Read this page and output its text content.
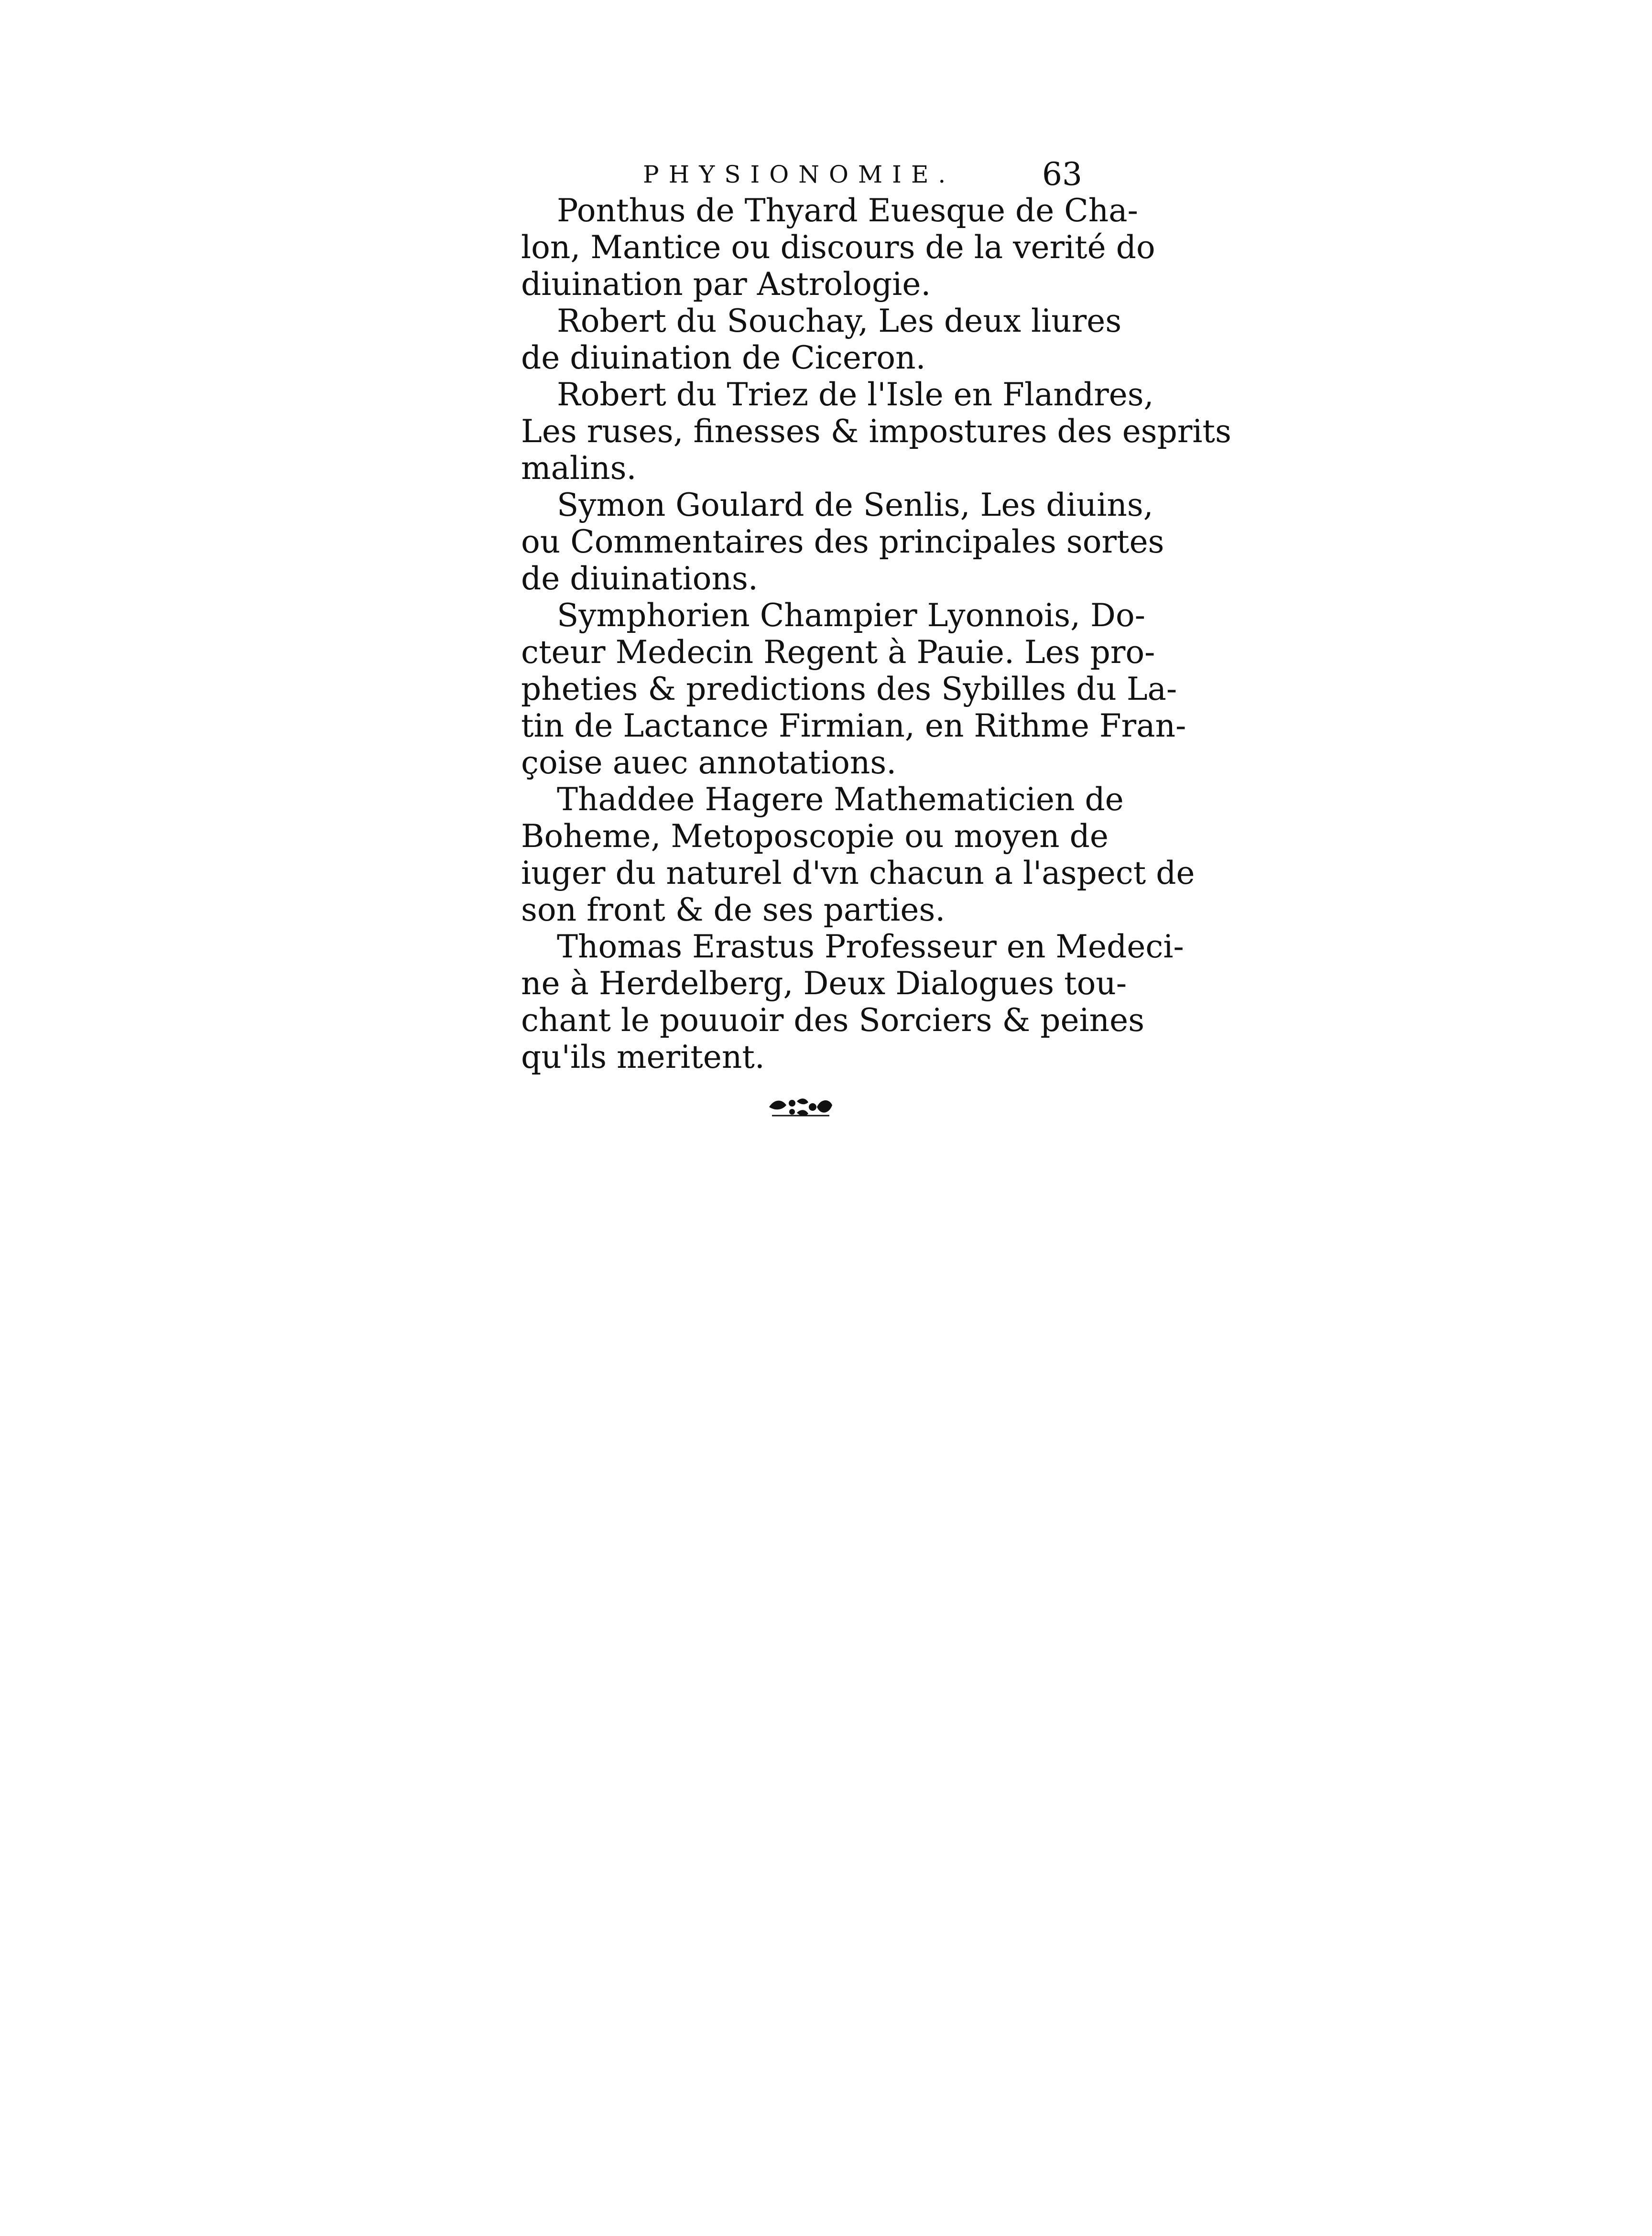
PHYSIONOMIE.	63

Ponthus de Thyard Euesque de Cha-
lon, Mantice ou discours de la verité do
diuination par Astrologie.

Robert du Souchay, Les deux liures
de diuination de Ciceron.

Robert du Triez de l'Isle en Flandres,
Les ruses, finesses & impostures des esprits
malins.

Symon Goulard de Senlis, Les diuins,
ou Commentaires des principales sortes
de diuinations.

Symphorien Champier Lyonnois, Do-
cteur Medecin Regent à Pauie. Les pro-
pheties & predictions des Sybilles du La-
tin de Lactance Firmian, en Rithme Fran-
çoise auec annotations.

Thaddee Hagere Mathematicien de
Boheme, Metoposcopie ou moyen de
iuger du naturel d'vn chacun a l'aspect de
son front & de ses parties.

Thomas Erastus Professeur en Medeci-
ne à Herdelberg, Deux Dialogues tou-
chant le pouuoir des Sorciers & peines
qu'ils meritent.
